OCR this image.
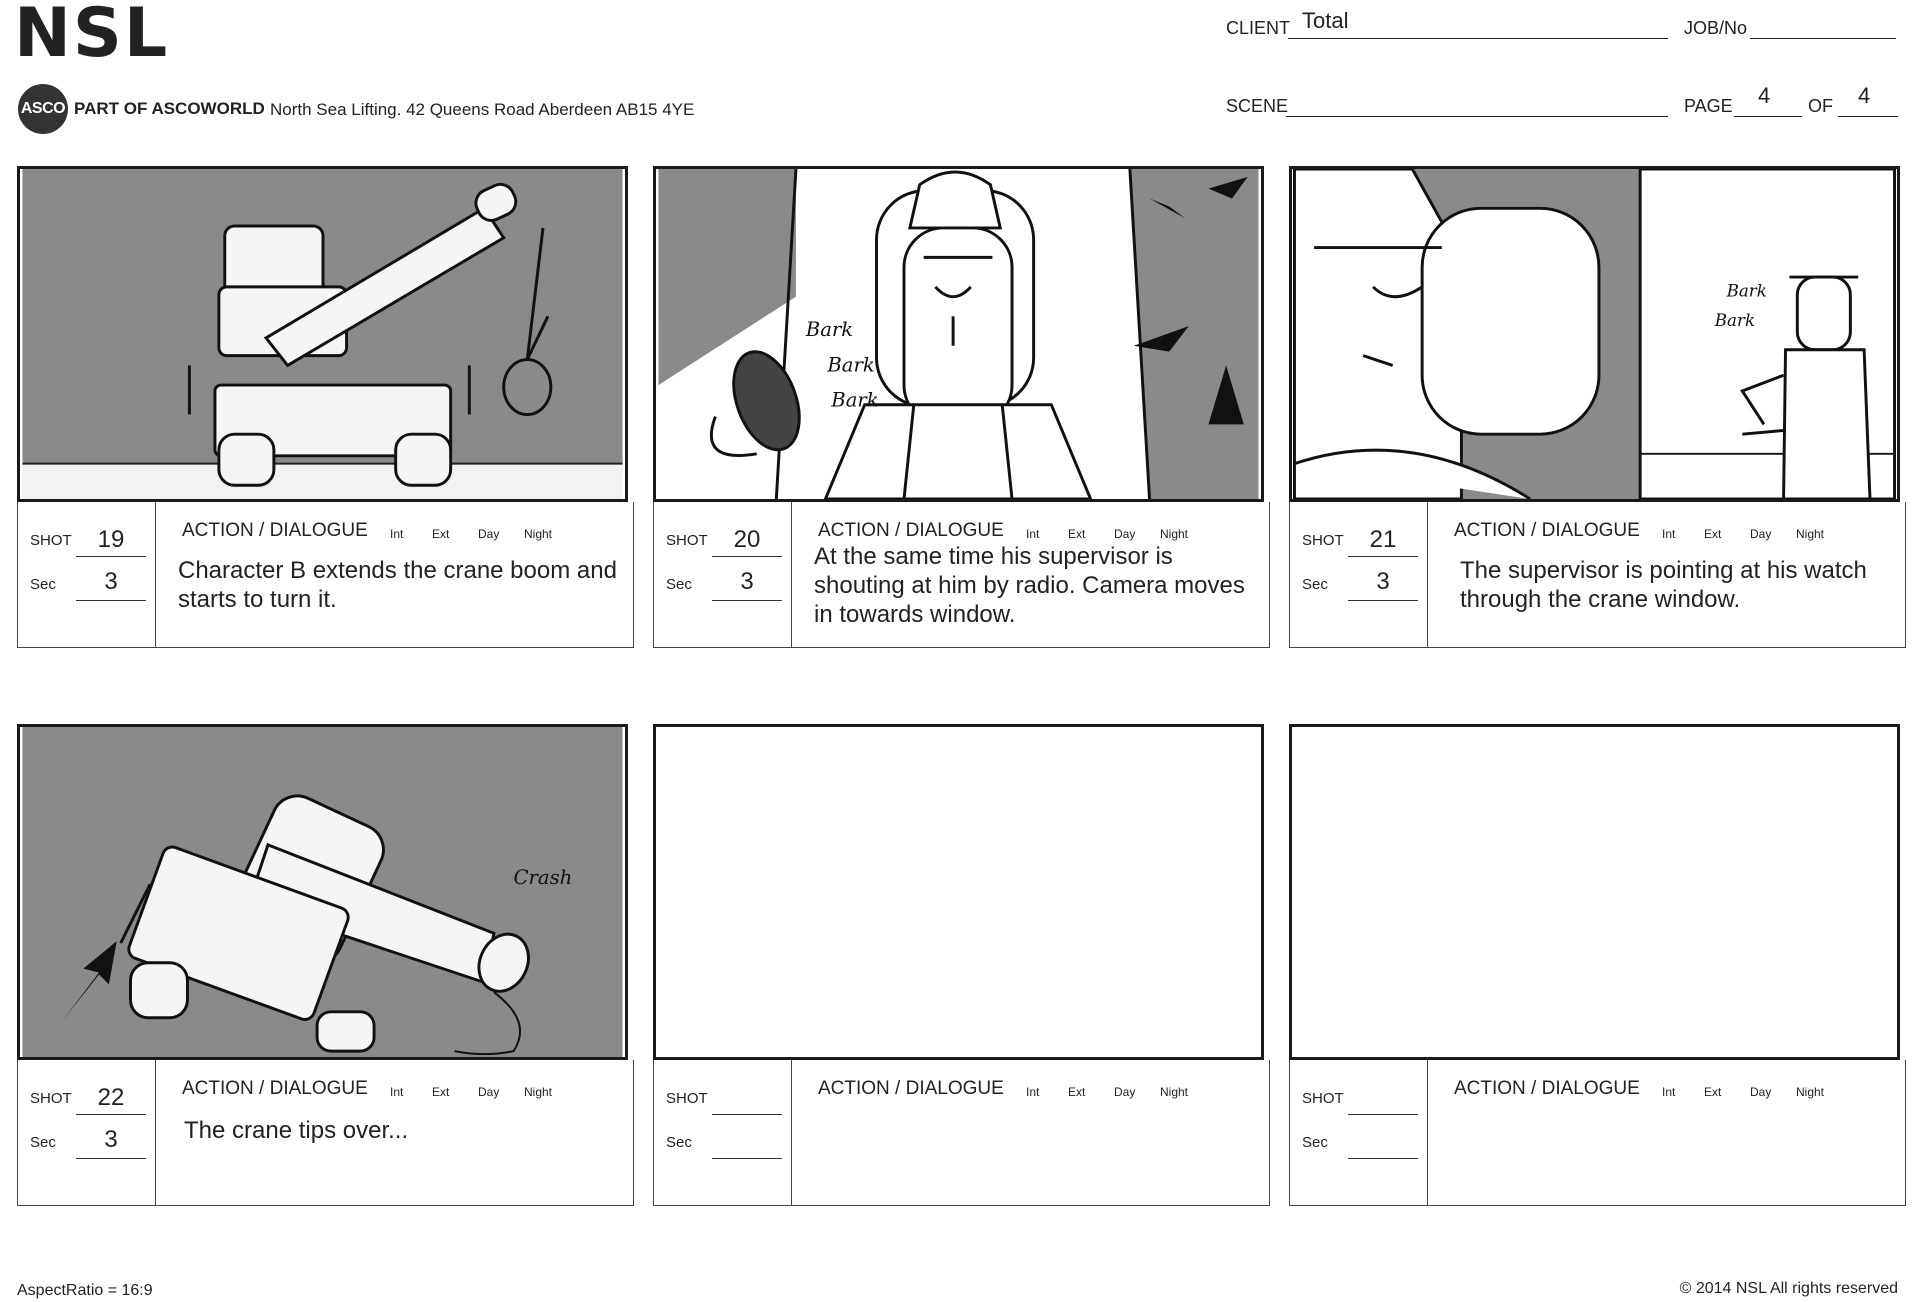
NSL
ASCO PART OF ASCOWORLD North Sea Lifting. 42 Queens Road Aberdeen AB15 4YE
CLIENT Total	JOB/No
SCENE	PAGE 4 OF 4
SHOT	19
Sec	3
ACTION / DIALOGUE Int Ext Day Night
Character B extends the crane boom and starts to turn it.
Bark
Bark
Bark
SHOT	20
Sec	3
ACTION / DIALOGUE Int Ext Day Night
At the same time his supervisor is shouting at him by radio. Camera moves in towards window.
Bark
Bark
SHOT	21
Sec	3
ACTION / DIALOGUE Int Ext Day Night
The supervisor is pointing at his watch through the crane window.
Crash
SHOT	22
Sec	3
ACTION / DIALOGUE Int Ext Day Night
The crane tips over...
SHOT
Sec
ACTION / DIALOGUE Int Ext Day Night	SHOT
Sec
ACTION / DIALOGUE Int Ext Day Night
AspectRatio = 16:9	© 2014 NSL All rights reserved
